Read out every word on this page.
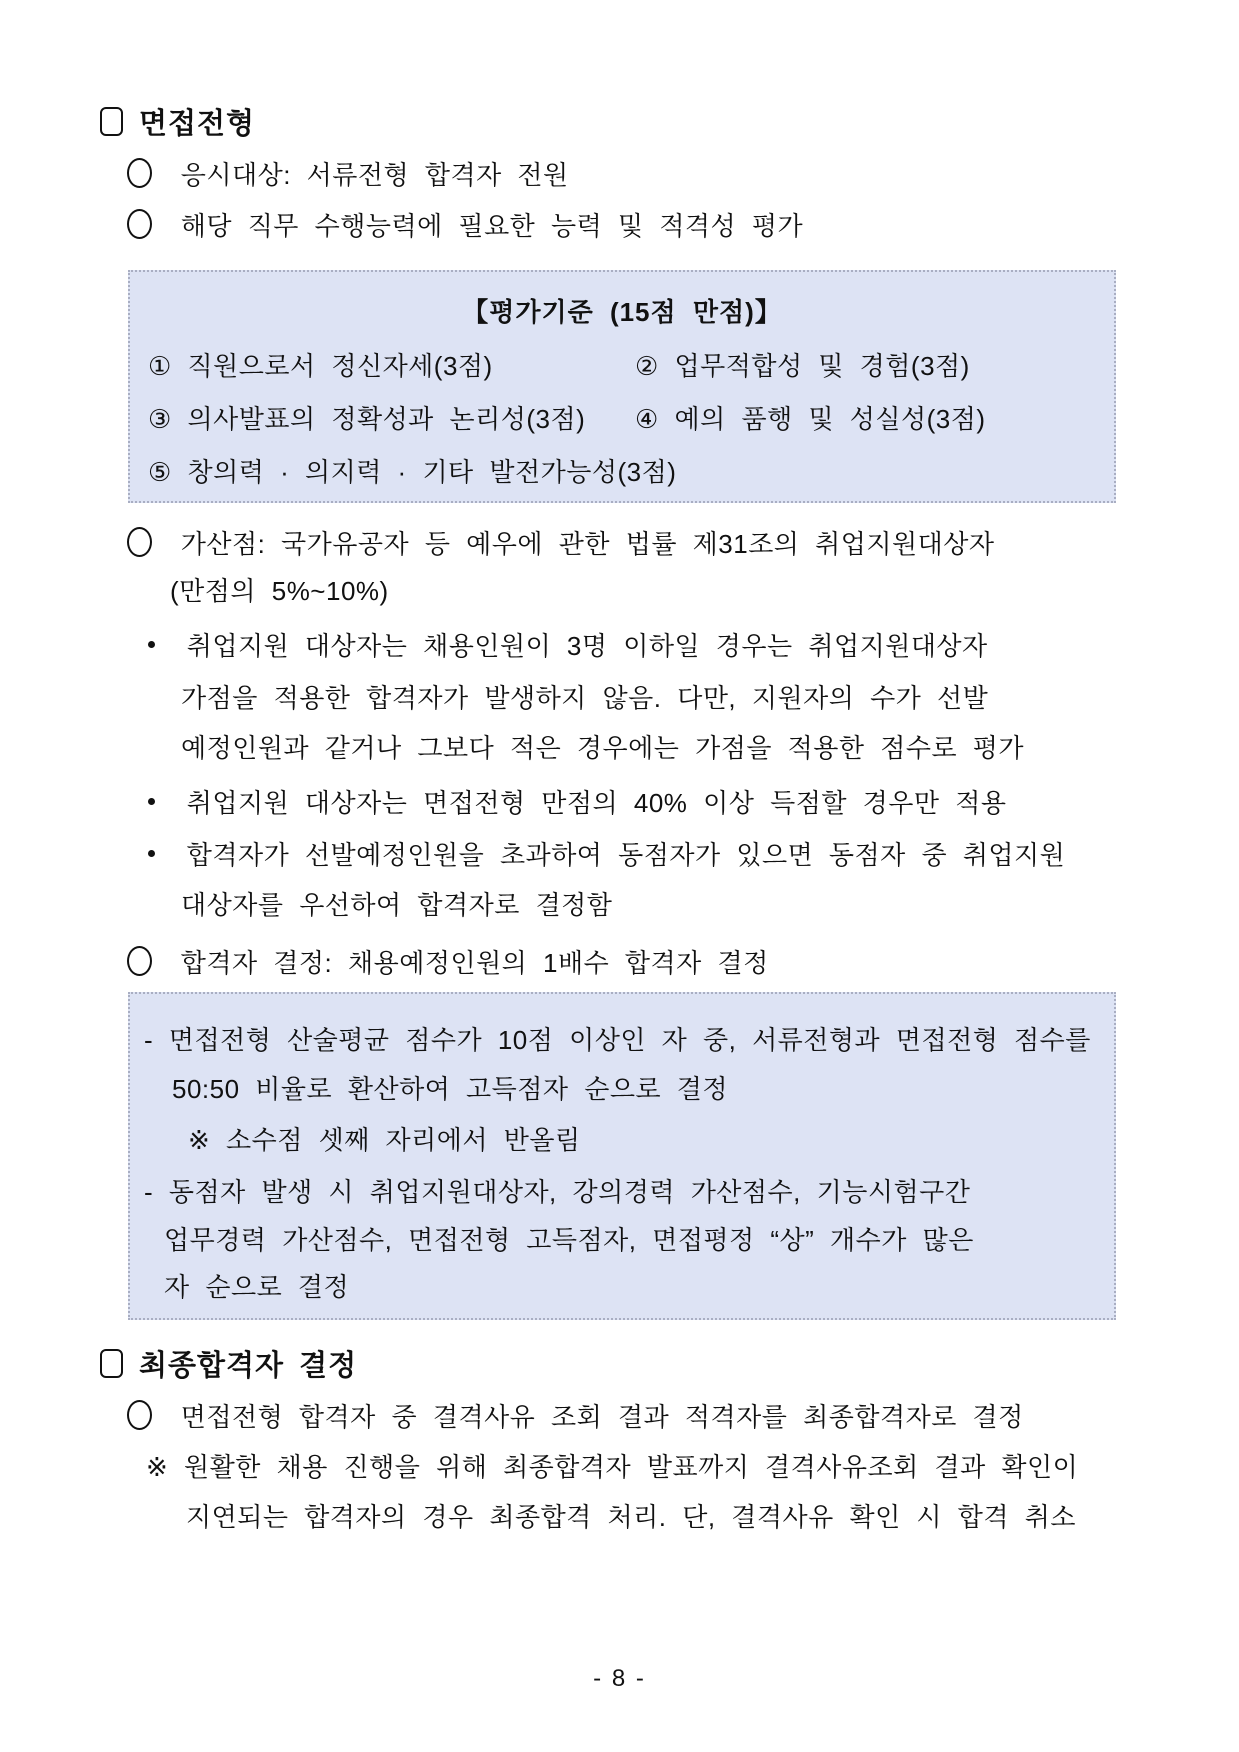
면접전형
응시대상: 서류전형 합격자 전원
해당 직무 수행능력에 필요한 능력 및 적격성 평가
【평가기준 (15점 만점)】
① 직원으로서 정신자세(3점)	② 업무적합성 및 경험(3점)
③ 의사발표의 정확성과 논리성(3점) ④ 예의 품행 및 성실성(3점)
⑤ 창의력 · 의지력 · 기타 발전가능성(3점)
가산점: 국가유공자 등 예우에 관한 법률 제31조의 취업지원대상자
(만점의 5%~10%)
취업지원 대상자는 채용인원이 3명 이하일 경우는 취업지원대상자
가점을 적용한 합격자가 발생하지 않음. 다만, 지원자의 수가 선발
예정인원과 같거나 그보다 적은 경우에는 가점을 적용한 점수로 평가
취업지원 대상자는 면접전형 만점의 40% 이상 득점할 경우만 적용
합격자가 선발예정인원을 초과하여 동점자가 있으면 동점자 중 취업지원
대상자를 우선하여 합격자로 결정함
합격자 결정: 채용예정인원의 1배수 합격자 결정
- 면접전형 산술평균 점수가 10점 이상인 자 중, 서류전형과 면접전형 점수를
50:50 비율로 환산하여 고득점자 순으로 결정
※ 소수점 셋째 자리에서 반올림
- 동점자 발생 시 취업지원대상자, 강의경력 가산점수, 기능시험구간
업무경력 가산점수, 면접전형 고득점자, 면접평정 “상” 개수가 많은
자 순으로 결정
최종합격자 결정
면접전형 합격자 중 결격사유 조회 결과 적격자를 최종합격자로 결정
※ 원활한 채용 진행을 위해 최종합격자 발표까지 결격사유조회 결과 확인이
지연되는 합격자의 경우 최종합격 처리. 단, 결격사유 확인 시 합격 취소
- 8 -
